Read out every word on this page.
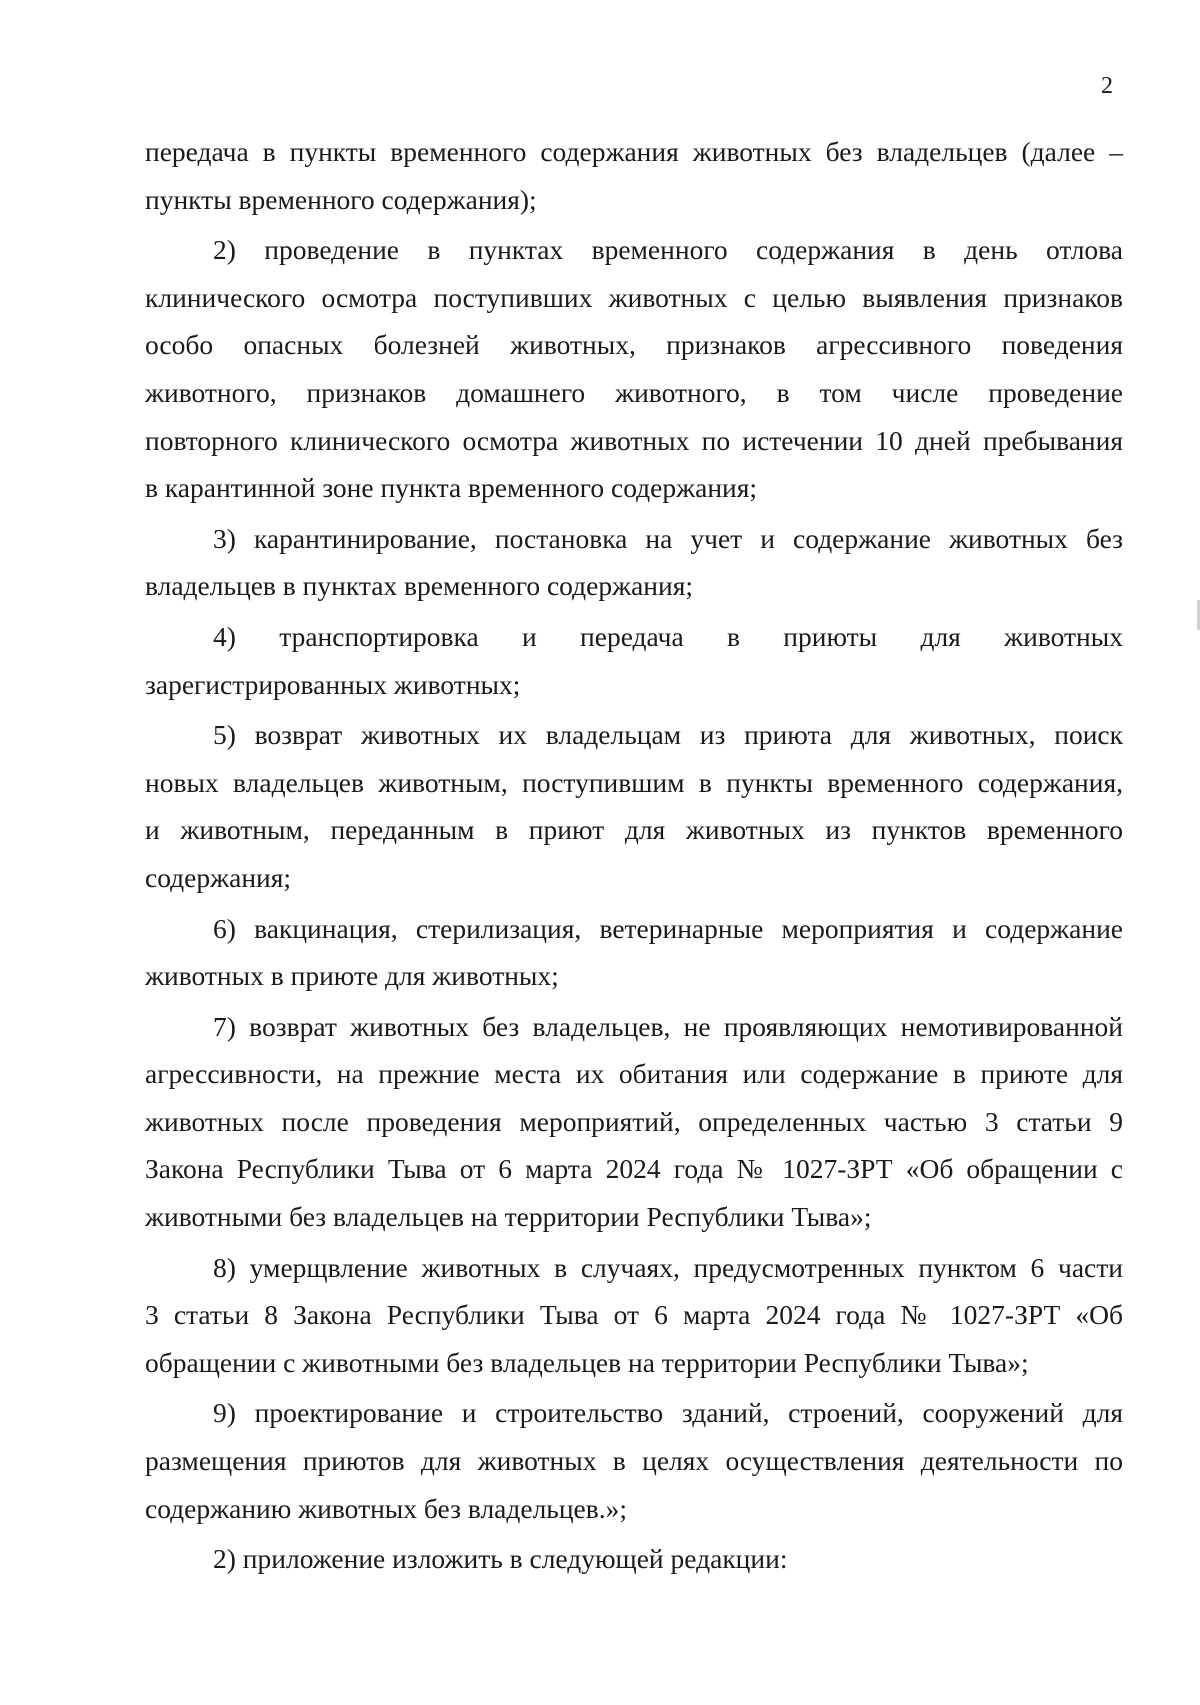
2
передача в пункты временного содержания животных без владельцев (далее –
пункты временного содержания);
2) проведение в пунктах временного содержания в день отлова
клинического осмотра поступивших животных с целью выявления признаков
особо опасных болезней животных, признаков агрессивного поведения
животного, признаков домашнего животного, в том числе проведение
повторного клинического осмотра животных по истечении 10 дней пребывания
в карантинной зоне пункта временного содержания;
3) карантинирование, постановка на учет и содержание животных без
владельцев в пунктах временного содержания;
4) транспортировка и передача в приюты для животных
зарегистрированных животных;
5) возврат животных их владельцам из приюта для животных, поиск
новых владельцев животным, поступившим в пункты временного содержания,
и животным, переданным в приют для животных из пунктов временного
содержания;
6) вакцинация, стерилизация, ветеринарные мероприятия и содержание
животных в приюте для животных;
7) возврат животных без владельцев, не проявляющих немотивированной
агрессивности, на прежние места их обитания или содержание в приюте для
животных после проведения мероприятий, определенных частью 3 статьи 9
Закона Республики Тыва от 6 марта 2024 года № 1027-ЗРТ «Об обращении с
животными без владельцев на территории Республики Тыва»;
8) умерщвление животных в случаях, предусмотренных пунктом 6 части
3 статьи 8 Закона Республики Тыва от 6 марта 2024 года № 1027-ЗРТ «Об
обращении с животными без владельцев на территории Республики Тыва»;
9) проектирование и строительство зданий, строений, сооружений для
размещения приютов для животных в целях осуществления деятельности по
содержанию животных без владельцев.»;
2) приложение изложить в следующей редакции:
